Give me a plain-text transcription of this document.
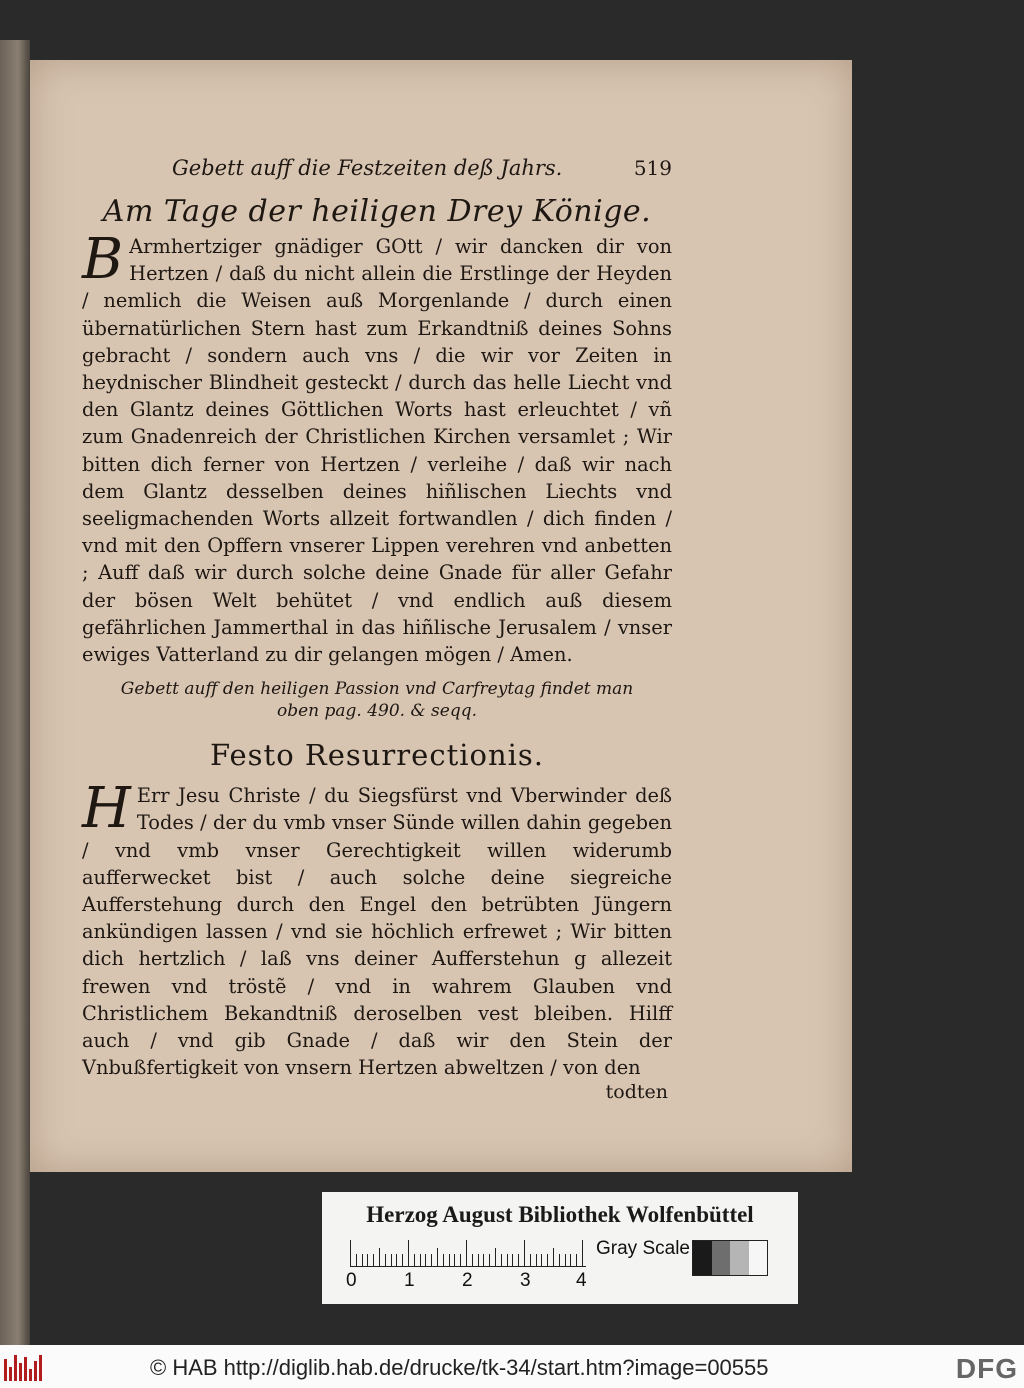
Gebett auff die Festzeiten deß Jahrs.	519
Am Tage der heiligen Drey Könige.
B Armhertziger gnädiger GOtt / wir dancken dir von Hertzen / daß du nicht allein die Erstlinge der Heyden / nemlich die Weisen auß Morgenlande / durch einen übernatürlichen Stern hast zum Erkandtniß deines Sohns gebracht / sondern auch vns / die wir vor Zeiten in heydnischer Blindheit gesteckt / durch das helle Liecht vnd den Glantz deines Göttlichen Worts hast erleuchtet / vñ zum Gnadenreich der Christlichen Kirchen versamlet ; Wir bitten dich ferner von Hertzen / verleihe / daß wir nach dem Glantz desselben deines hiñlischen Liechts vnd seeligmachenden Worts allzeit fortwandlen / dich finden / vnd mit den Opffern vnserer Lippen verehren vnd anbetten ; Auff daß wir durch solche deine Gnade für aller Gefahr der bösen Welt behütet / vnd endlich auß diesem gefährlichen Jammerthal in das hiñlische Jerusalem / vnser ewiges Vatterland zu dir gelangen mögen / Amen.
Gebett auff den heiligen Passion vnd Carfreytag findet man
oben pag. 490. & seqq.
Festo Resurrectionis.
H Err Jesu Christe / du Siegsfürst vnd Vberwinder deß Todes / der du vmb vnser Sünde willen dahin gegeben / vnd vmb vnser Gerechtigkeit willen widerumb aufferwecket bist / auch solche deine siegreiche Aufferstehung durch den Engel den betrübten Jüngern ankündigen lassen / vnd sie höchlich erfrewet ; Wir bitten dich hertzlich / laß vns deiner Aufferstehun g allezeit frewen vnd tröstẽ / vnd in wahrem Glauben vnd Christlichem Bekandtniß deroselben vest bleiben. Hilff auch / vnd gib Gnade / daß wir den Stein der Vnbußfertigkeit von vnsern Hertzen abweltzen / von den
todten
Herzog August Bibliothek Wolfenbüttel
0 1 2 3 4
Gray Scale
© HAB http://diglib.hab.de/drucke/tk-34/start.htm?image=00555	DFG
